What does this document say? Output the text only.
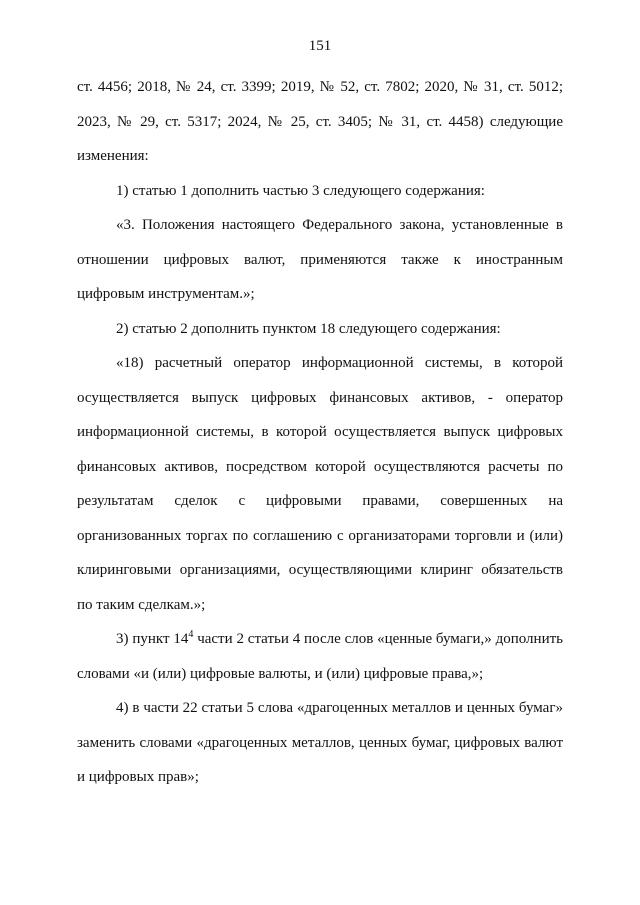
151

ст. 4456; 2018, № 24, ст. 3399; 2019, № 52, ст. 7802; 2020, № 31, ст. 5012; 2023, № 29, ст. 5317; 2024, № 25, ст. 3405; № 31, ст. 4458) следующие изменения:

1) статью 1 дополнить частью 3 следующего содержания:

«3. Положения настоящего Федерального закона, установленные в отношении цифровых валют, применяются также к иностранным цифровым инструментам.»;

2) статью 2 дополнить пунктом 18 следующего содержания:

«18) расчетный оператор информационной системы, в которой осуществляется выпуск цифровых финансовых активов, - оператор информационной системы, в которой осуществляется выпуск цифровых финансовых активов, посредством которой осуществляются расчеты по результатам сделок с цифровыми правами, совершенных на организованных торгах по соглашению с организаторами торговли и (или) клиринговыми организациями, осуществляющими клиринг обязательств по таким сделкам.»;

3) пункт $14^4$ части 2 статьи 4 после слов «ценные бумаги,» дополнить словами «и (или) цифровые валюты, и (или) цифровые права,»;

4) в части 22 статьи 5 слова «драгоценных металлов и ценных бумаг» заменить словами «драгоценных металлов, ценных бумаг, цифровых валют и цифровых прав»;
